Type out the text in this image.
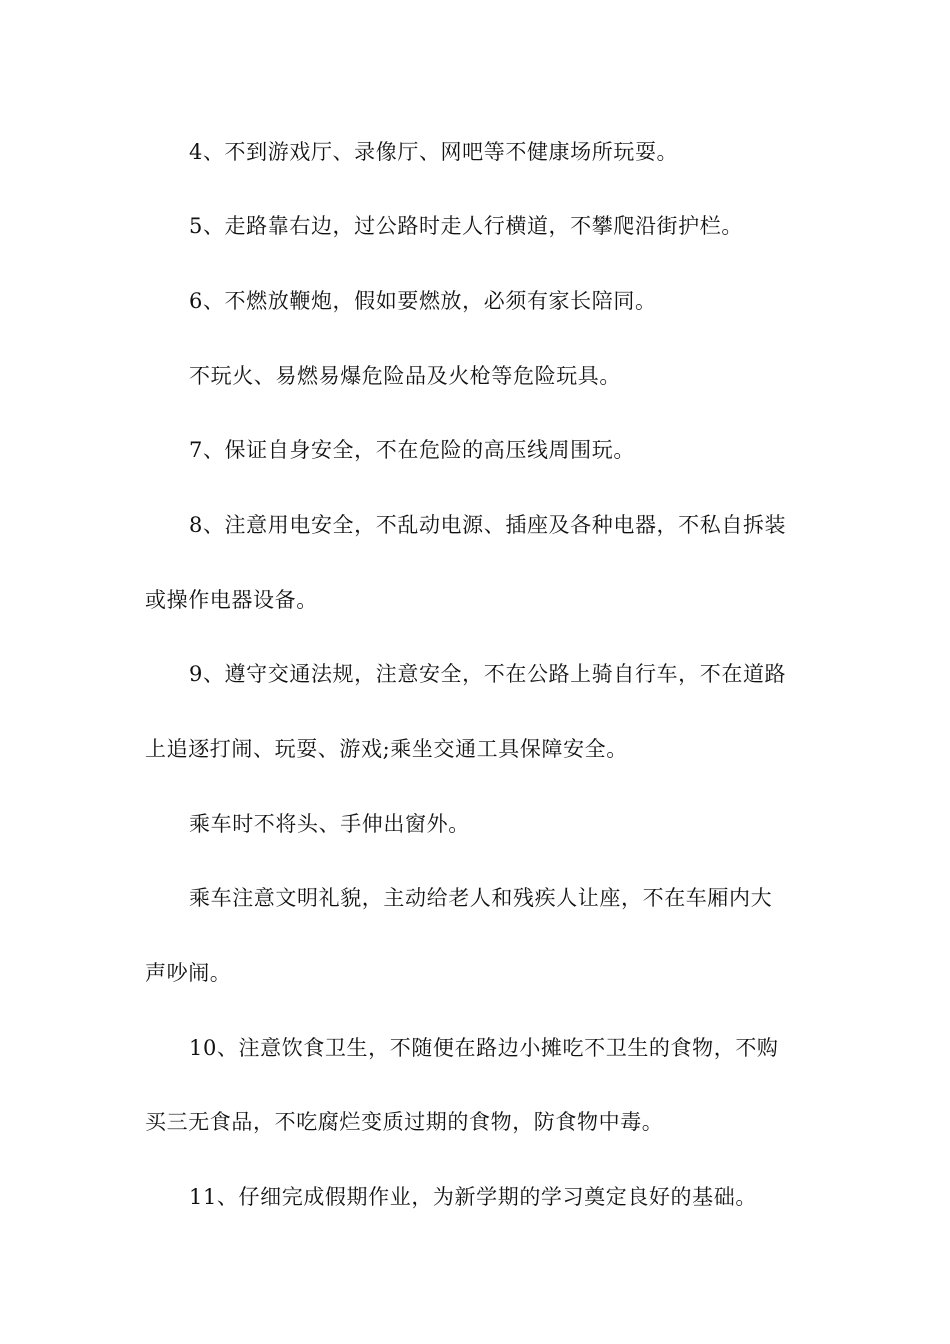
4、不到游戏厅、录像厅、网吧等不健康场所玩耍。
5、走路靠右边，过公路时走人行横道，不攀爬沿街护栏。
6、不燃放鞭炮，假如要燃放，必须有家长陪同。
不玩火、易燃易爆危险品及火枪等危险玩具。
7、保证自身安全，不在危险的高压线周围玩。
8、注意用电安全，不乱动电源、插座及各种电器，不私自拆装
或操作电器设备。
9、遵守交通法规，注意安全，不在公路上骑自行车，不在道路
上追逐打闹、玩耍、游戏;乘坐交通工具保障安全。
乘车时不将头、手伸出窗外。
乘车注意文明礼貌，主动给老人和残疾人让座，不在车厢内大
声吵闹。
10、注意饮食卫生，不随便在路边小摊吃不卫生的食物，不购
买三无食品，不吃腐烂变质过期的食物，防食物中毒。
11、仔细完成假期作业，为新学期的学习奠定良好的基础。
